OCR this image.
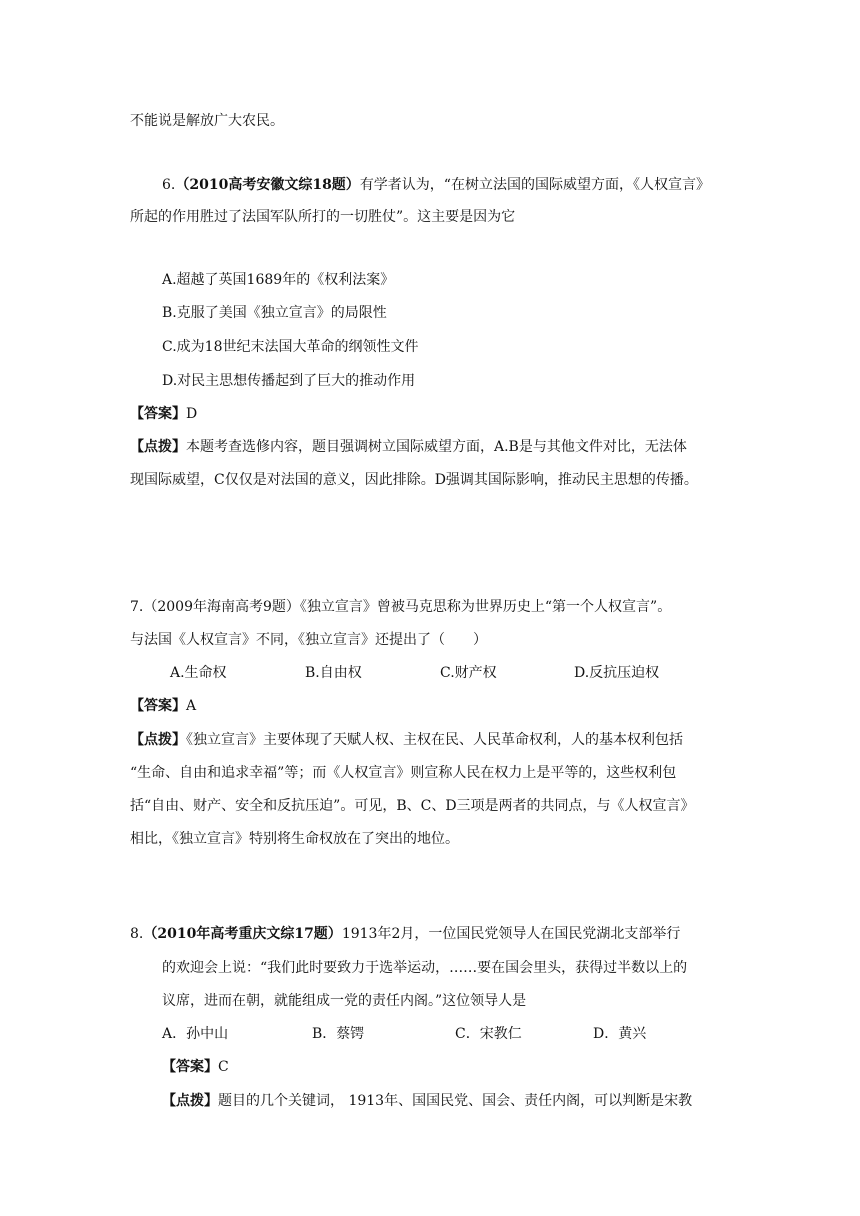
不能说是解放广大农民。
6.（2010高考安徽文综18题）有学者认为，“在树立法国的国际威望方面，《人权宣言》
所起的作用胜过了法国军队所打的一切胜仗”。这主要是因为它
A.超越了英国1689年的《权利法案》
B.克服了美国《独立宣言》的局限性
C.成为18世纪末法国大革命的纲领性文件
D.对民主思想传播起到了巨大的推动作用
【答案】D
【点拨】本题考查选修内容，题目强调树立国际威望方面，A.B是与其他文件对比，无法体
现国际威望，C仅仅是对法国的意义，因此排除。D强调其国际影响，推动民主思想的传播。
7.（2009年海南高考9题）《独立宣言》曾被马克思称为世界历史上“第一个人权宣言”。
与法国《人权宣言》不同，《独立宣言》还提出了（　　）
A.生命权	B.自由权	C.财产权	D.反抗压迫权
【答案】A
【点拨】《独立宣言》主要体现了天赋人权、主权在民、人民革命权利，人的基本权利包括
“生命、自由和追求幸福”等；而《人权宣言》则宣称人民在权力上是平等的，这些权利包
括“自由、财产、安全和反抗压迫”。可见，B、C、D三项是两者的共同点，与《人权宣言》
相比，《独立宣言》特别将生命权放在了突出的地位。
8.（2010年高考重庆文综17题）1913年2月，一位国民党领导人在国民党湖北支部举行
的欢迎会上说：“我们此时要致力于选举运动，……要在国会里头，获得过半数以上的
议席，进而在朝，就能组成一党的责任内阁。”这位领导人是
A．孙中山	B．蔡锷	C．宋教仁	D．黄兴
【答案】C
【点拨】题目的几个关键词， 1913年、国国民党、国会、责任内阁，可以判断是宋教
